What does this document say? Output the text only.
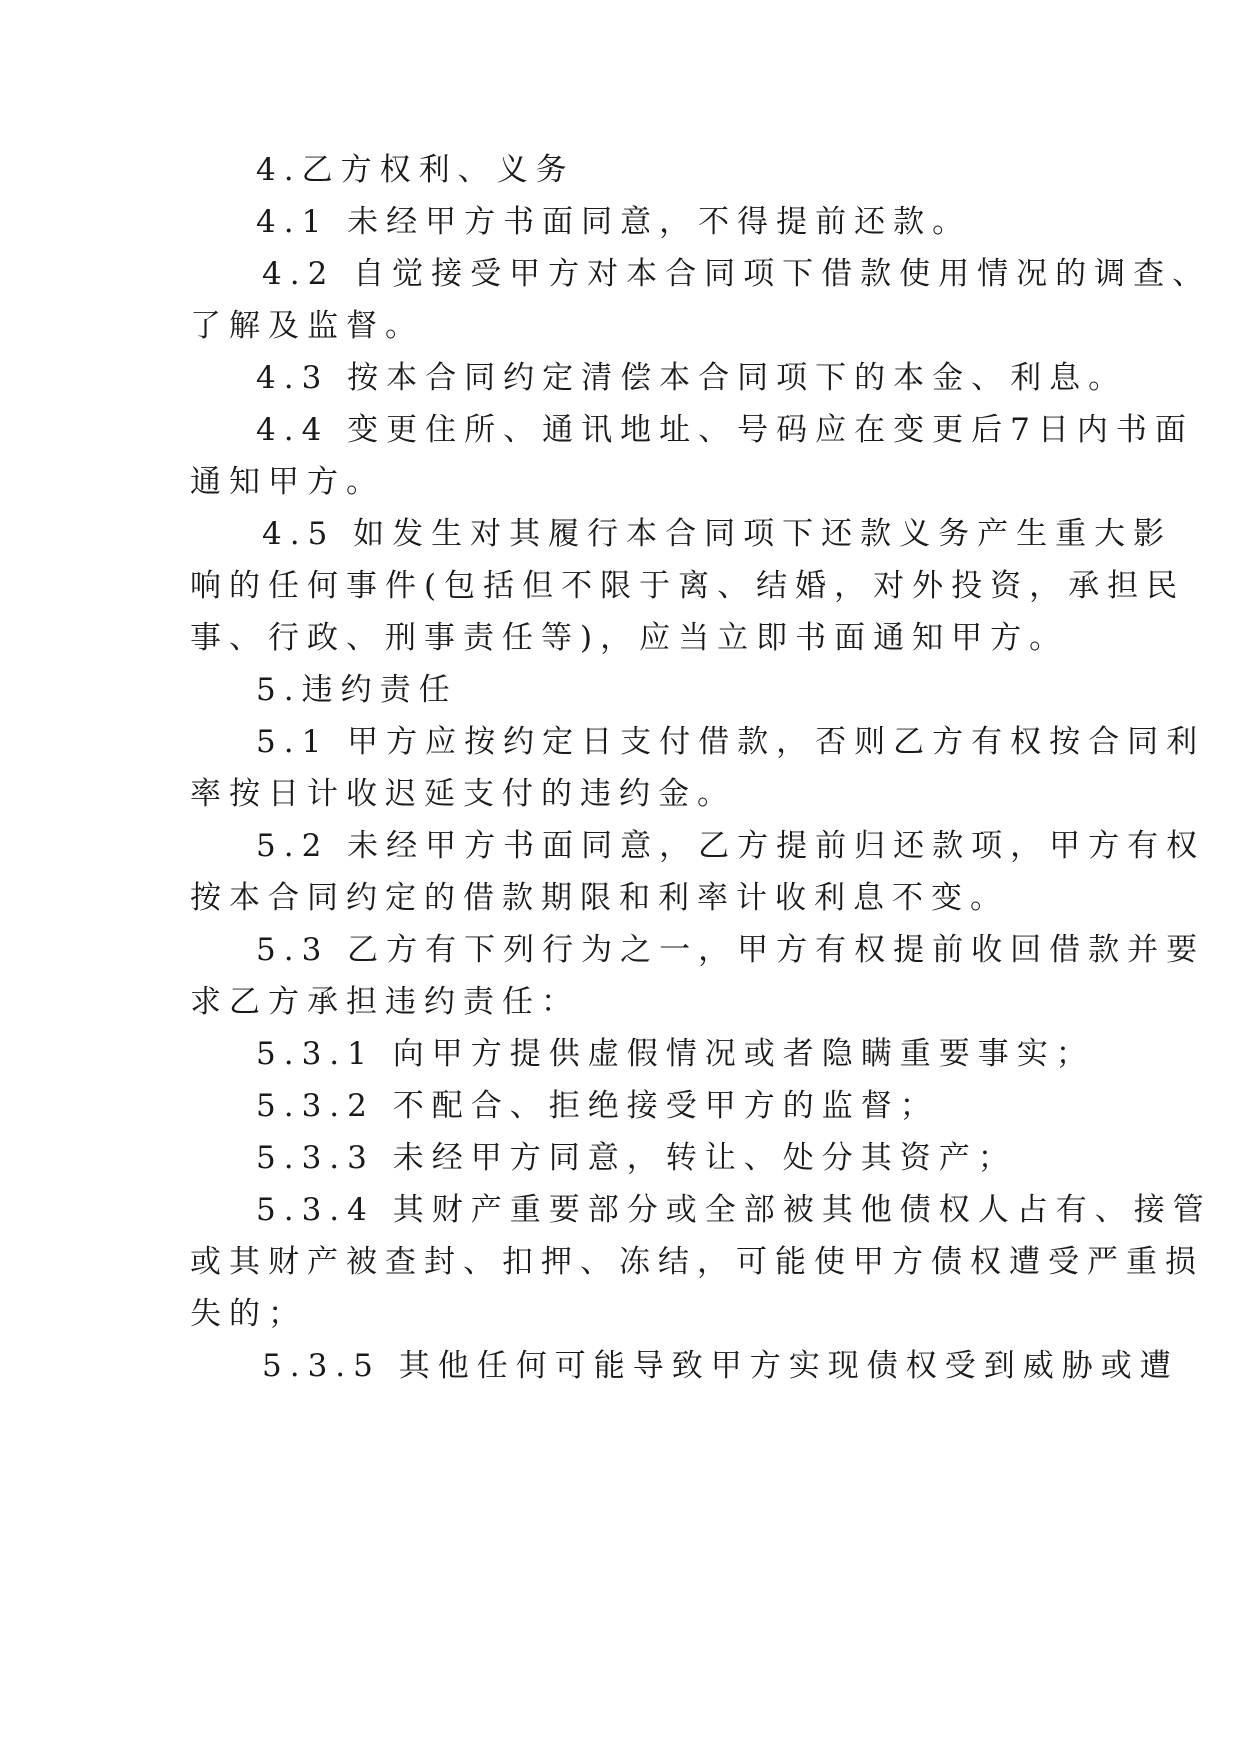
4.乙方权利、义务
4.1 未经甲方书面同意，不得提前还款。
4.2 自觉接受甲方对本合同项下借款使用情况的调查、
了解及监督。
4.3 按本合同约定清偿本合同项下的本金、利息。
4.4 变更住所、通讯地址、号码应在变更后7日内书面
通知甲方。
4.5 如发生对其履行本合同项下还款义务产生重大影
响的任何事件(包括但不限于离、结婚，对外投资，承担民
事、行政、刑事责任等)，应当立即书面通知甲方。
5.违约责任
5.1 甲方应按约定日支付借款，否则乙方有权按合同利
率按日计收迟延支付的违约金。
5.2 未经甲方书面同意，乙方提前归还款项，甲方有权
按本合同约定的借款期限和利率计收利息不变。
5.3 乙方有下列行为之一，甲方有权提前收回借款并要
求乙方承担违约责任：
5.3.1 向甲方提供虚假情况或者隐瞒重要事实；
5.3.2 不配合、拒绝接受甲方的监督；
5.3.3 未经甲方同意，转让、处分其资产；
5.3.4 其财产重要部分或全部被其他债权人占有、接管
或其财产被查封、扣押、冻结，可能使甲方债权遭受严重损
失的；
5.3.5 其他任何可能导致甲方实现债权受到威胁或遭
